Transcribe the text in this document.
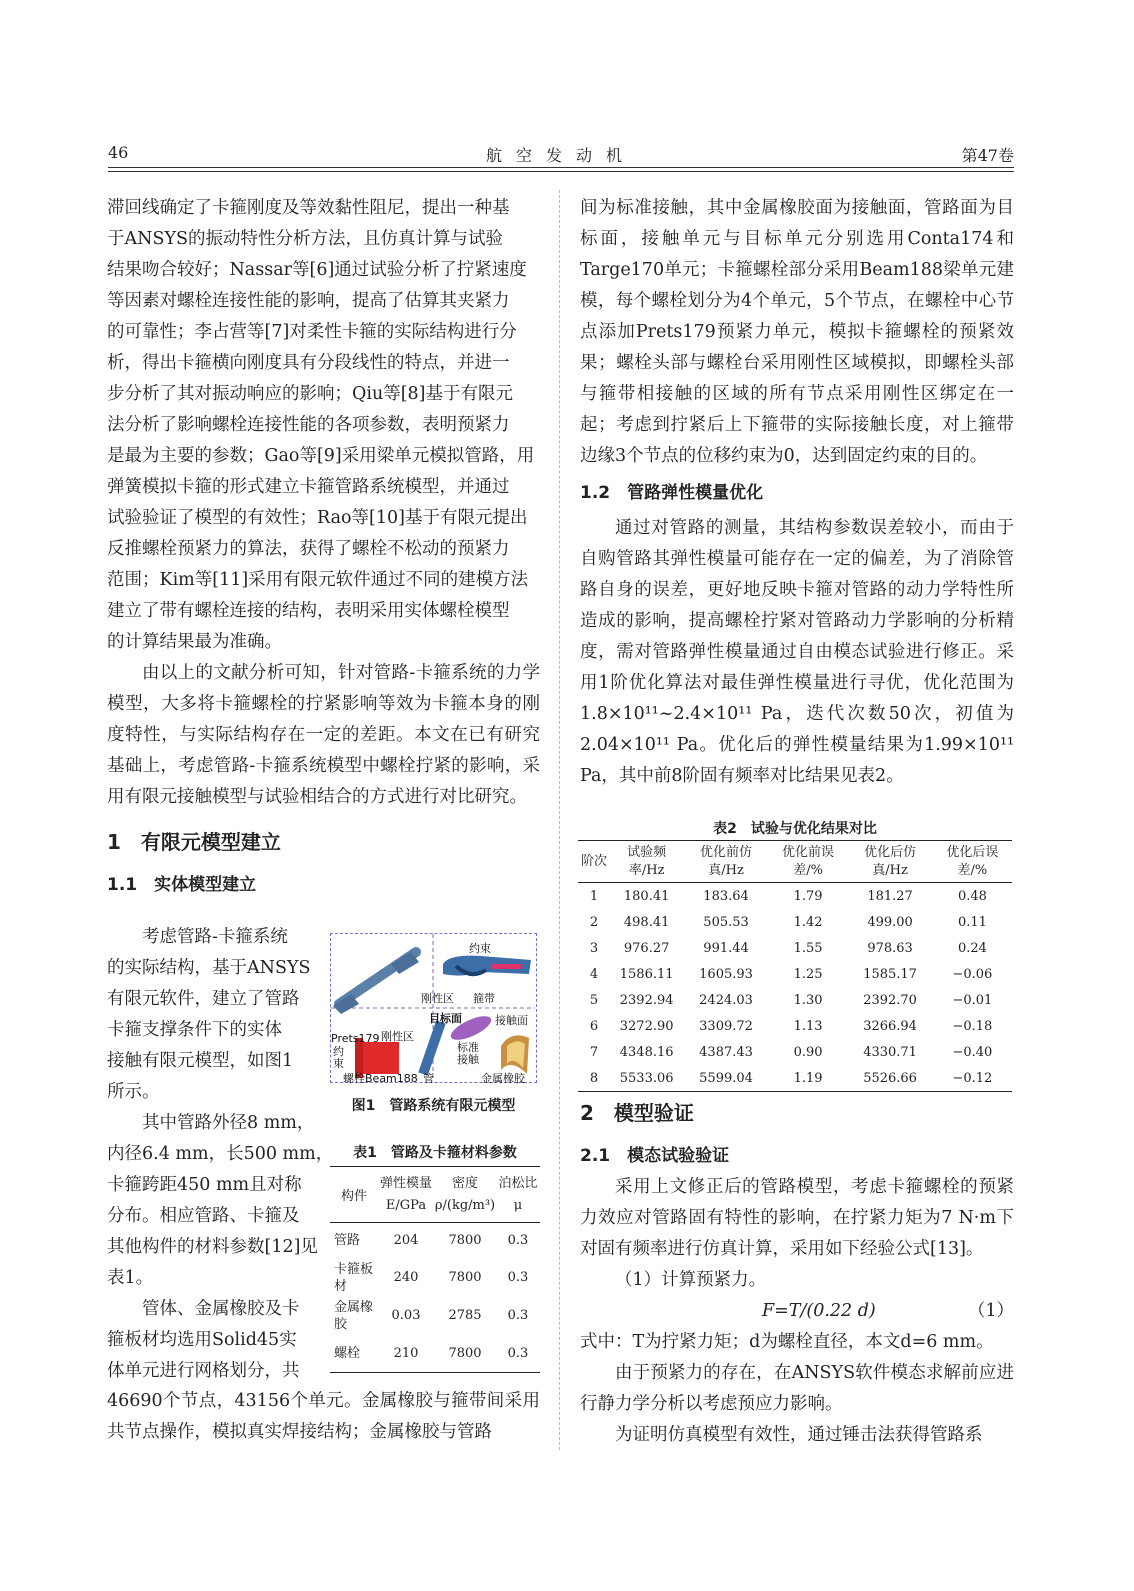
46	航空发动机	第47卷
滞回线确定了卡箍刚度及等效黏性阻尼，提出一种基
于ANSYS的振动特性分析方法，且仿真计算与试验
结果吻合较好；Nassar等[6]通过试验分析了拧紧速度
等因素对螺栓连接性能的影响，提高了估算其夹紧力
的可靠性；李占营等[7]对柔性卡箍的实际结构进行分
析，得出卡箍横向刚度具有分段线性的特点，并进一
步分析了其对振动响应的影响；Qiu等[8]基于有限元
法分析了影响螺栓连接性能的各项参数，表明预紧力
是最为主要的参数；Gao等[9]采用梁单元模拟管路，用
弹簧模拟卡箍的形式建立卡箍管路系统模型，并通过
试验验证了模型的有效性；Rao等[10]基于有限元提出
反推螺栓预紧力的算法，获得了螺栓不松动的预紧力
范围；Kim等[11]采用有限元软件通过不同的建模方法
建立了带有螺栓连接的结构，表明采用实体螺栓模型
的计算结果最为准确。

由以上的文献分析可知，针对管路-卡箍系统的力学模型，大多将卡箍螺栓的拧紧影响等效为卡箍本身的刚度特性，与实际结构存在一定的差距。本文在已有研究基础上，考虑管路-卡箍系统模型中螺栓拧紧的影响，采用有限元接触模型与试验相结合的方式进行对比研究。

1　有限元模型建立
1.1　实体模型建立
考虑管路-卡箍系统
的实际结构，基于ANSYS
有限元软件，建立了管路
卡箍支撑条件下的实体
接触有限元模型，如图1
所示。
其中管路外径8 mm，
内径6.4 mm，长500 mm，
卡箍跨距450 mm且对称
分布。相应管路、卡箍及
其他构件的材料参数[12]见
表1。
管体、金属橡胶及卡
箍板材均选用Solid45实
体单元进行网格划分，共

46690个节点，43156个单元。金属橡胶与箍带间采用共节点操作，模拟真实焊接结构；金属橡胶与管路

约束
刚性区 箍带
目标面	接触面
Prets179 刚性区
约束
标准接触
螺栓Beam188 管	金属橡胶
图1　管路系统有限元模型
表1　管路及卡箍材料参数
构件	弹性模量E/GPa	密度ρ/(kg/m³)	泊松比μ
管路	204	7800	0.3
卡箍板材	240	7800	0.3
金属橡胶	0.03	2785	0.3
螺栓	210	7800	0.3

间为标准接触，其中金属橡胶面为接触面，管路面为目标面，接触单元与目标单元分别选用Conta174和Targe170单元；卡箍螺栓部分采用Beam188梁单元建模，每个螺栓划分为4个单元，5个节点，在螺栓中心节点添加Prets179预紧力单元，模拟卡箍螺栓的预紧效果；螺栓头部与螺栓台采用刚性区域模拟，即螺栓头部与箍带相接触的区域的所有节点采用刚性区绑定在一起；考虑到拧紧后上下箍带的实际接触长度，对上箍带边缘3个节点的位移约束为0，达到固定约束的目的。

1.2　管路弹性模量优化

通过对管路的测量，其结构参数误差较小，而由于自购管路其弹性模量可能存在一定的偏差，为了消除管路自身的误差，更好地反映卡箍对管路的动力学特性所造成的影响，提高螺栓拧紧对管路动力学影响的分析精度，需对管路弹性模量通过自由模态试验进行修正。采用1阶优化算法对最佳弹性模量进行寻优，优化范围为1.8×10¹¹~2.4×10¹¹ Pa，迭代次数50次，初值为2.04×10¹¹ Pa。优化后的弹性模量结果为1.99×10¹¹ Pa，其中前8阶固有频率对比结果见表2。

表2　试验与优化结果对比
阶次	试验频率/Hz	优化前仿真/Hz	优化前误差/%	优化后仿真/Hz	优化后误差/%
1	180.41	183.64	1.79	181.27	0.48
2	498.41	505.53	1.42	499.00	0.11
3	976.27	991.44	1.55	978.63	0.24
4	1586.11	1605.93	1.25	1585.17	−0.06
5	2392.94	2424.03	1.30	2392.70	−0.01
6	3272.90	3309.72	1.13	3266.94	−0.18
7	4348.16	4387.43	0.90	4330.71	−0.40
8	5533.06	5599.04	1.19	5526.66	−0.12
2　模型验证
2.1　模态试验验证

采用上文修正后的管路模型，考虑卡箍螺栓的预紧力效应对管路固有特性的影响，在拧紧力矩为7 N·m下对固有频率进行仿真计算，采用如下经验公式[13]。

（1）计算预紧力。

F=T/(0.22 d)	（1）

式中：T为拧紧力矩；d为螺栓直径，本文d=6 mm。

由于预紧力的存在，在ANSYS软件模态求解前应进行静力学分析以考虑预应力影响。

为证明仿真模型有效性，通过锤击法获得管路系
